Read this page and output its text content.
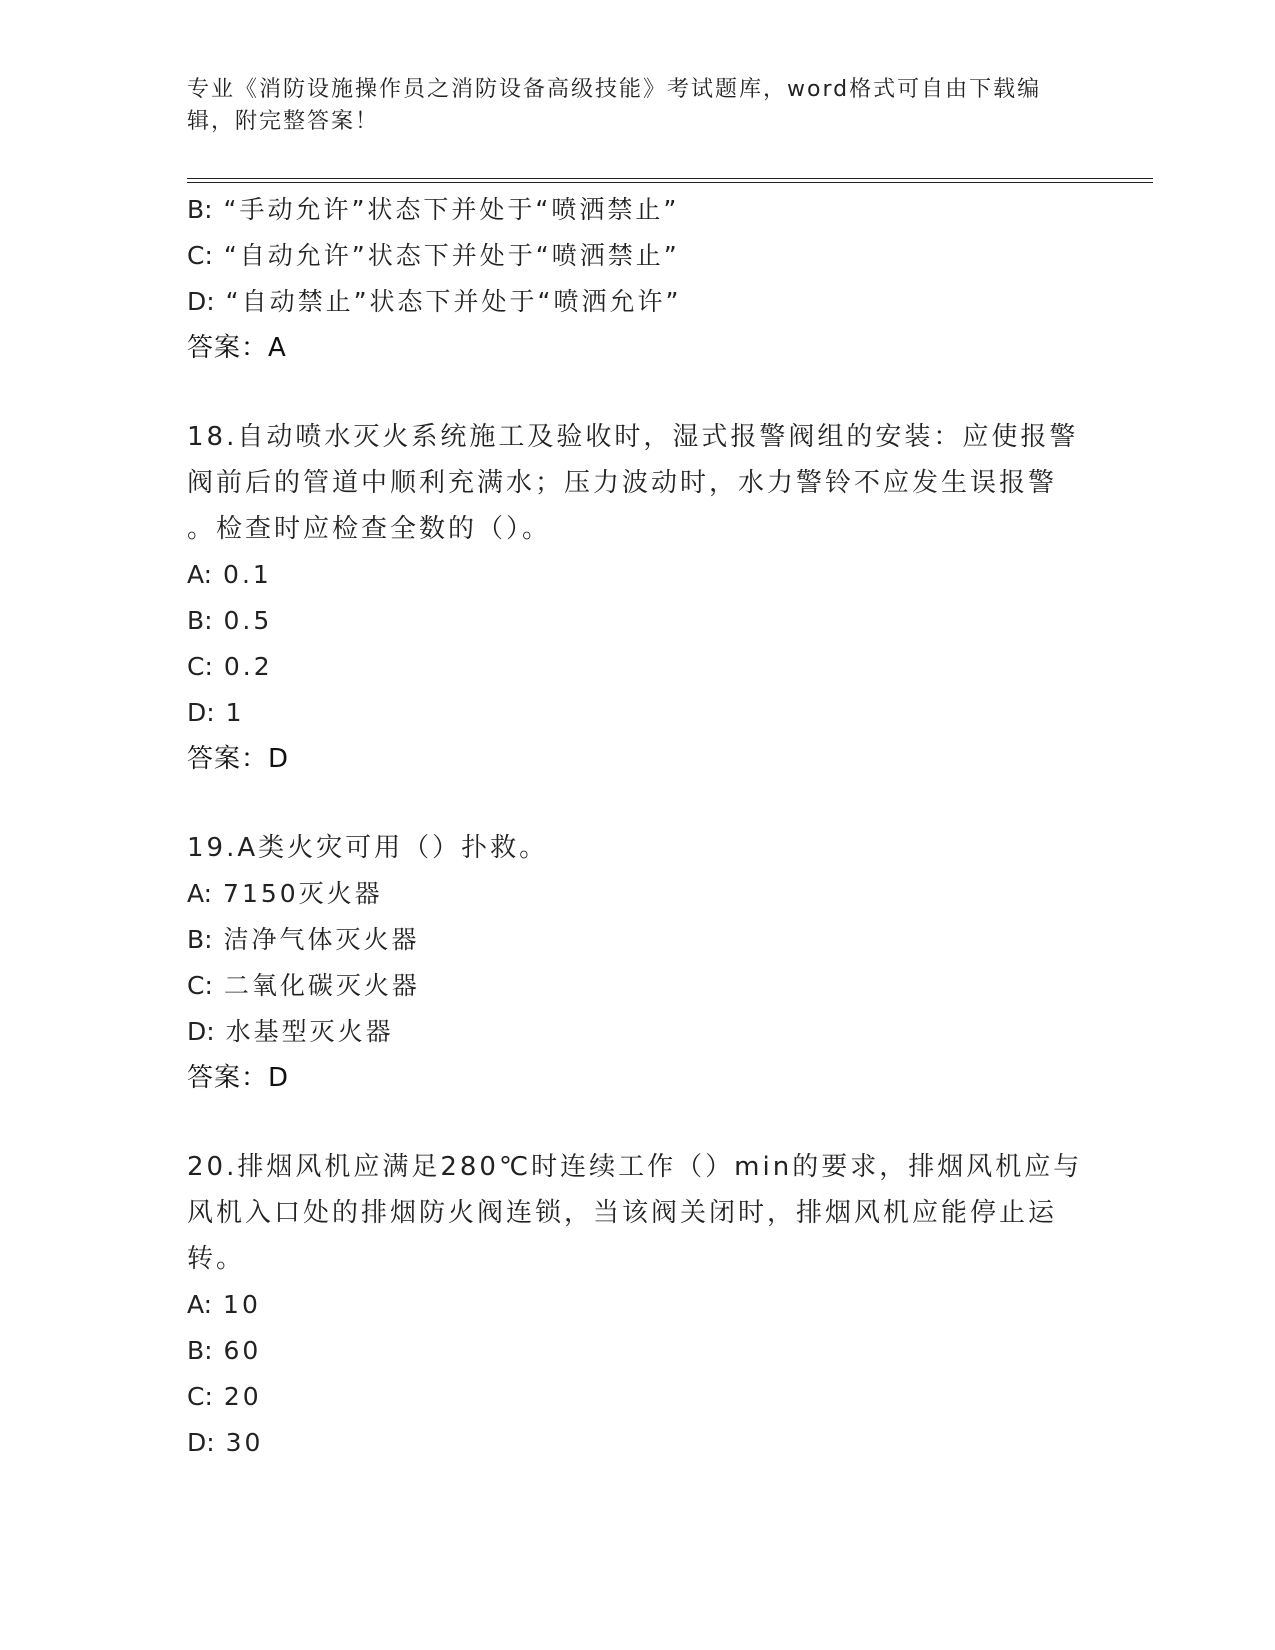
专业《消防设施操作员之消防设备高级技能》考试题库，word格式可自由下载编辑，附完整答案！
B: “手动允许”状态下并处于“喷洒禁止”
C: “自动允许”状态下并处于“喷洒禁止”
D: “自动禁止”状态下并处于“喷洒允许”
答案：A
18.自动喷水灭火系统施工及验收时，湿式报警阀组的安装：应使报警
阀前后的管道中顺利充满水；压力波动时，水力警铃不应发生误报警
。检查时应检查全数的（）。
A: 0.1
B: 0.5
C: 0.2
D: 1
答案：D
19.A类火灾可用（）扑救。
A: 7150灭火器
B: 洁净气体灭火器
C: 二氧化碳灭火器
D: 水基型灭火器
答案：D
20.排烟风机应满足280℃时连续工作（）min的要求，排烟风机应与
风机入口处的排烟防火阀连锁，当该阀关闭时，排烟风机应能停止运
转。
A: 10
B: 60
C: 20
D: 30
